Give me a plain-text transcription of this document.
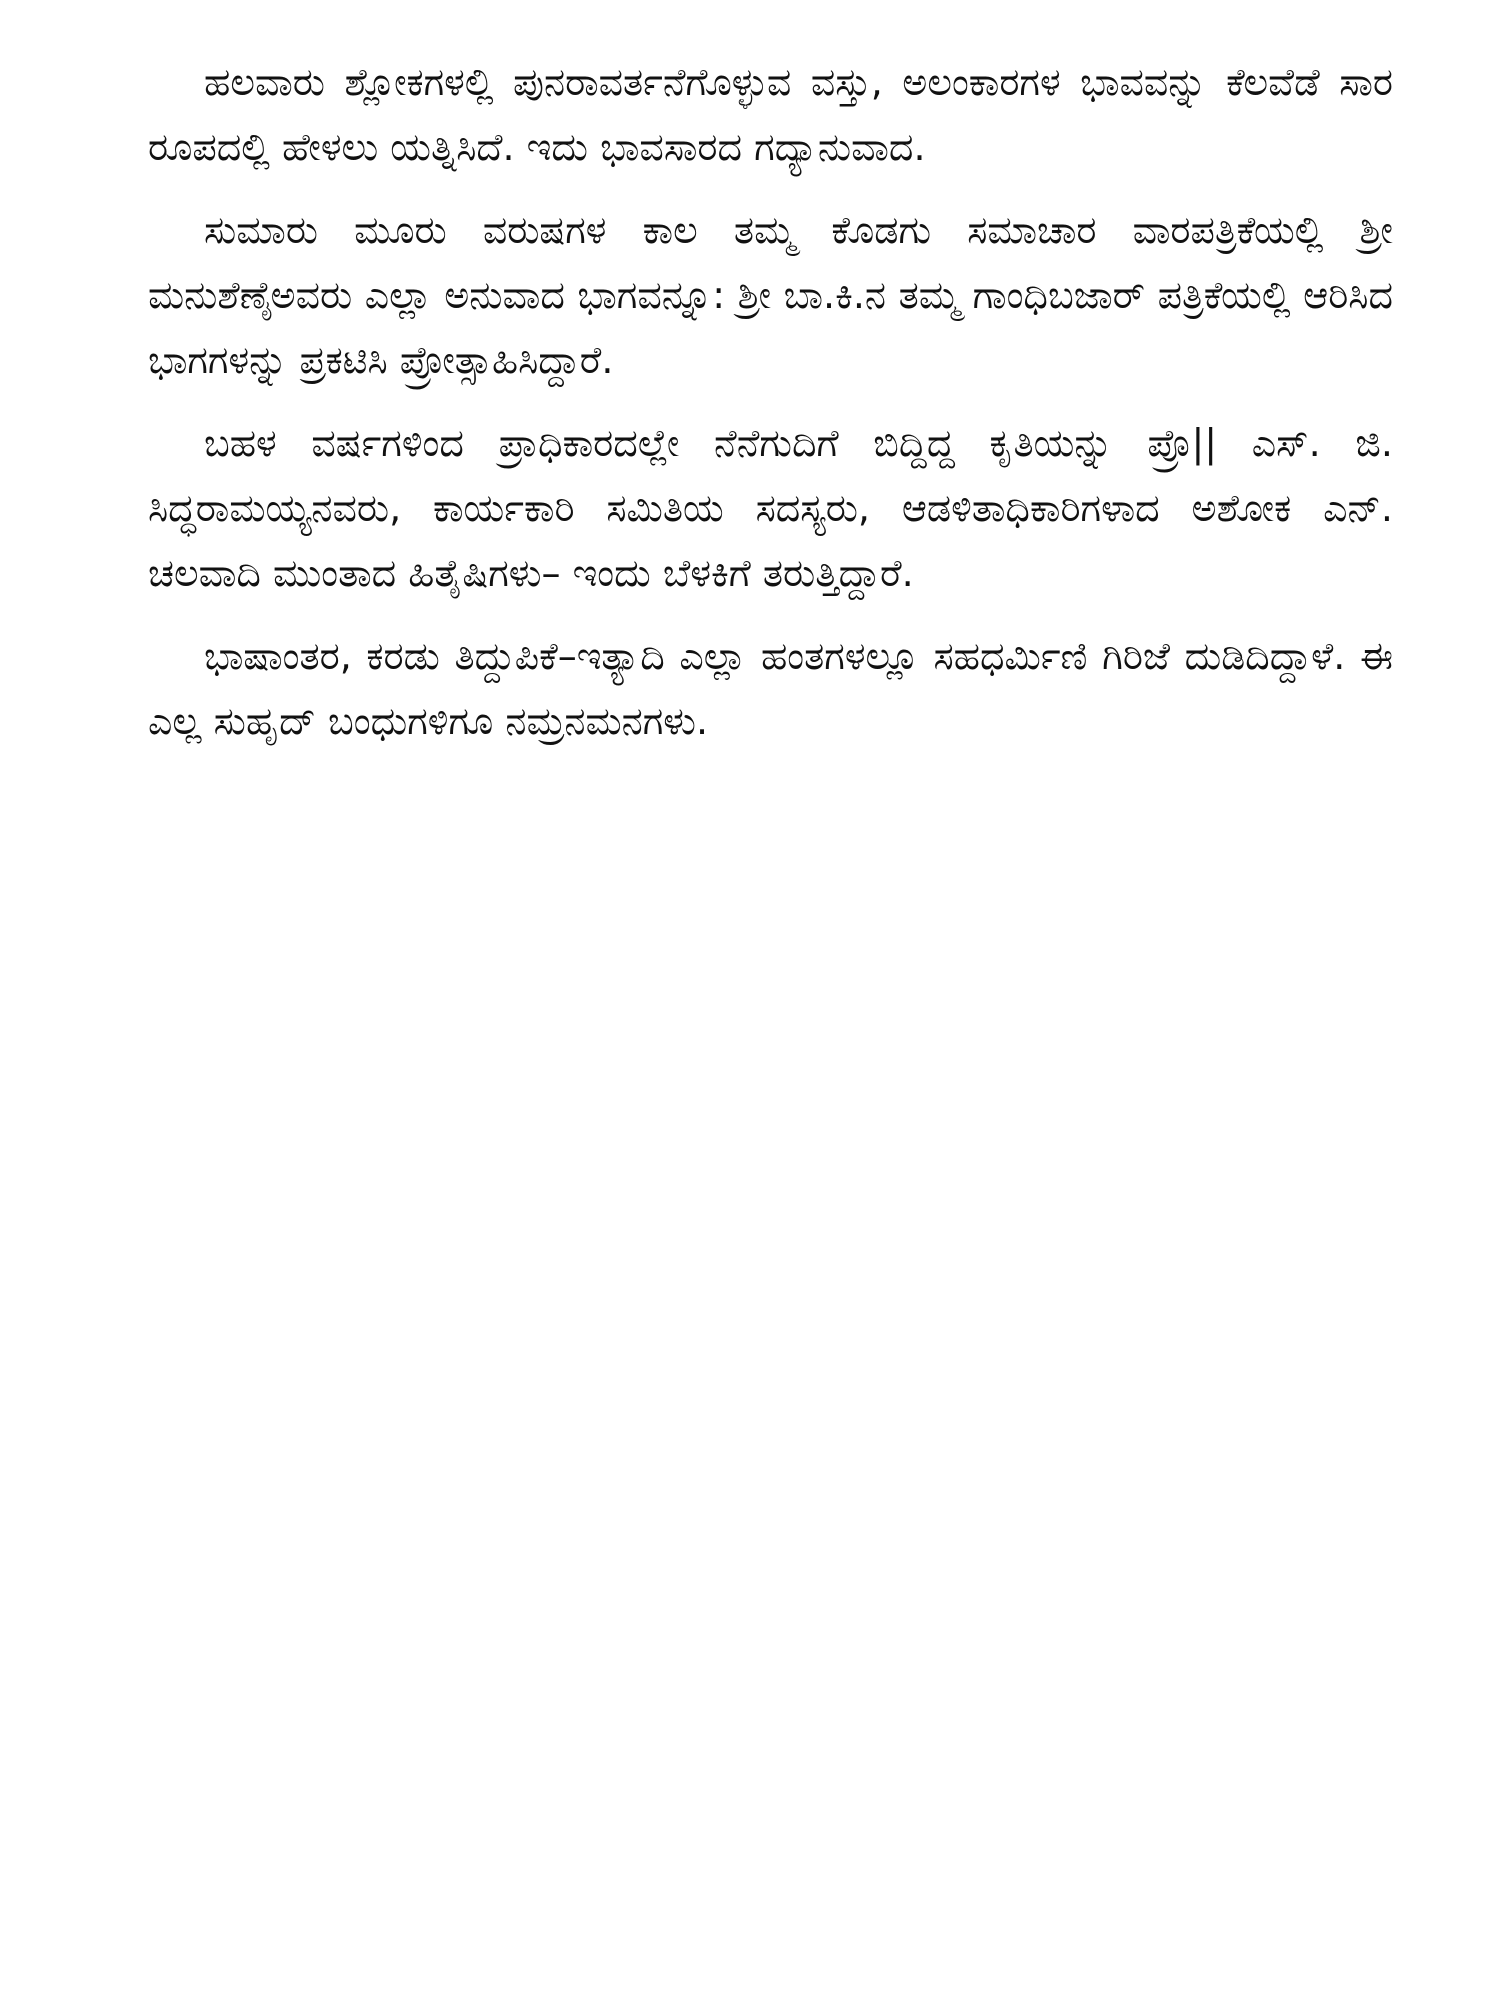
ಹಲವಾರು ಶ್ಲೋಕಗಳಲ್ಲಿ ಪುನರಾವರ್ತನೆಗೊಳ್ಳುವ ವಸ್ತು, ಅಲಂಕಾರಗಳ ಭಾವವನ್ನು ಕೆಲವೆಡೆ ಸಾರ ರೂಪದಲ್ಲಿ ಹೇಳಲು ಯತ್ನಿಸಿದೆ. ಇದು ಭಾವಸಾರದ ಗದ್ಯಾನುವಾದ.

ಸುಮಾರು ಮೂರು ವರುಷಗಳ ಕಾಲ ತಮ್ಮ ಕೊಡಗು ಸಮಾಚಾರ ವಾರಪತ್ರಿಕೆಯಲ್ಲಿ ಶ್ರೀ ಮನುಶೆಣೈಅವರು ಎಲ್ಲಾ ಅನುವಾದ ಭಾಗವನ್ನೂ: ಶ್ರೀ ಬಾ.ಕಿ.ನ ತಮ್ಮ ಗಾಂಧಿಬಜಾರ್ ಪತ್ರಿಕೆಯಲ್ಲಿ ಆರಿಸಿದ ಭಾಗಗಳನ್ನು ಪ್ರಕಟಿಸಿ ಪ್ರೋತ್ಸಾಹಿಸಿದ್ದಾರೆ.

ಬಹಳ ವರ್ಷಗಳಿಂದ ಪ್ರಾಧಿಕಾರದಲ್ಲೇ ನೆನೆಗುದಿಗೆ ಬಿದ್ದಿದ್ದ ಕೃತಿಯನ್ನು ಪ್ರೊ|| ಎಸ್. ಜಿ. ಸಿದ್ಧರಾಮಯ್ಯನವರು, ಕಾರ್ಯಕಾರಿ ಸಮಿತಿಯ ಸದಸ್ಯರು, ಆಡಳಿತಾಧಿಕಾರಿಗಳಾದ ಅಶೋಕ ಎನ್. ಚಲವಾದಿ ಮುಂತಾದ ಹಿತೈಷಿಗಳು– ಇಂದು ಬೆಳಕಿಗೆ ತರುತ್ತಿದ್ದಾರೆ.

ಭಾಷಾಂತರ, ಕರಡು ತಿದ್ದುಪಿಕೆ–ಇತ್ಯಾದಿ ಎಲ್ಲಾ ಹಂತಗಳಲ್ಲೂ ಸಹಧರ್ಮಿಣಿ ಗಿರಿಜೆ ದುಡಿದಿದ್ದಾಳೆ. ಈ ಎಲ್ಲ ಸುಹೃದ್ ಬಂಧುಗಳಿಗೂ ನಮ್ರನಮನಗಳು.
